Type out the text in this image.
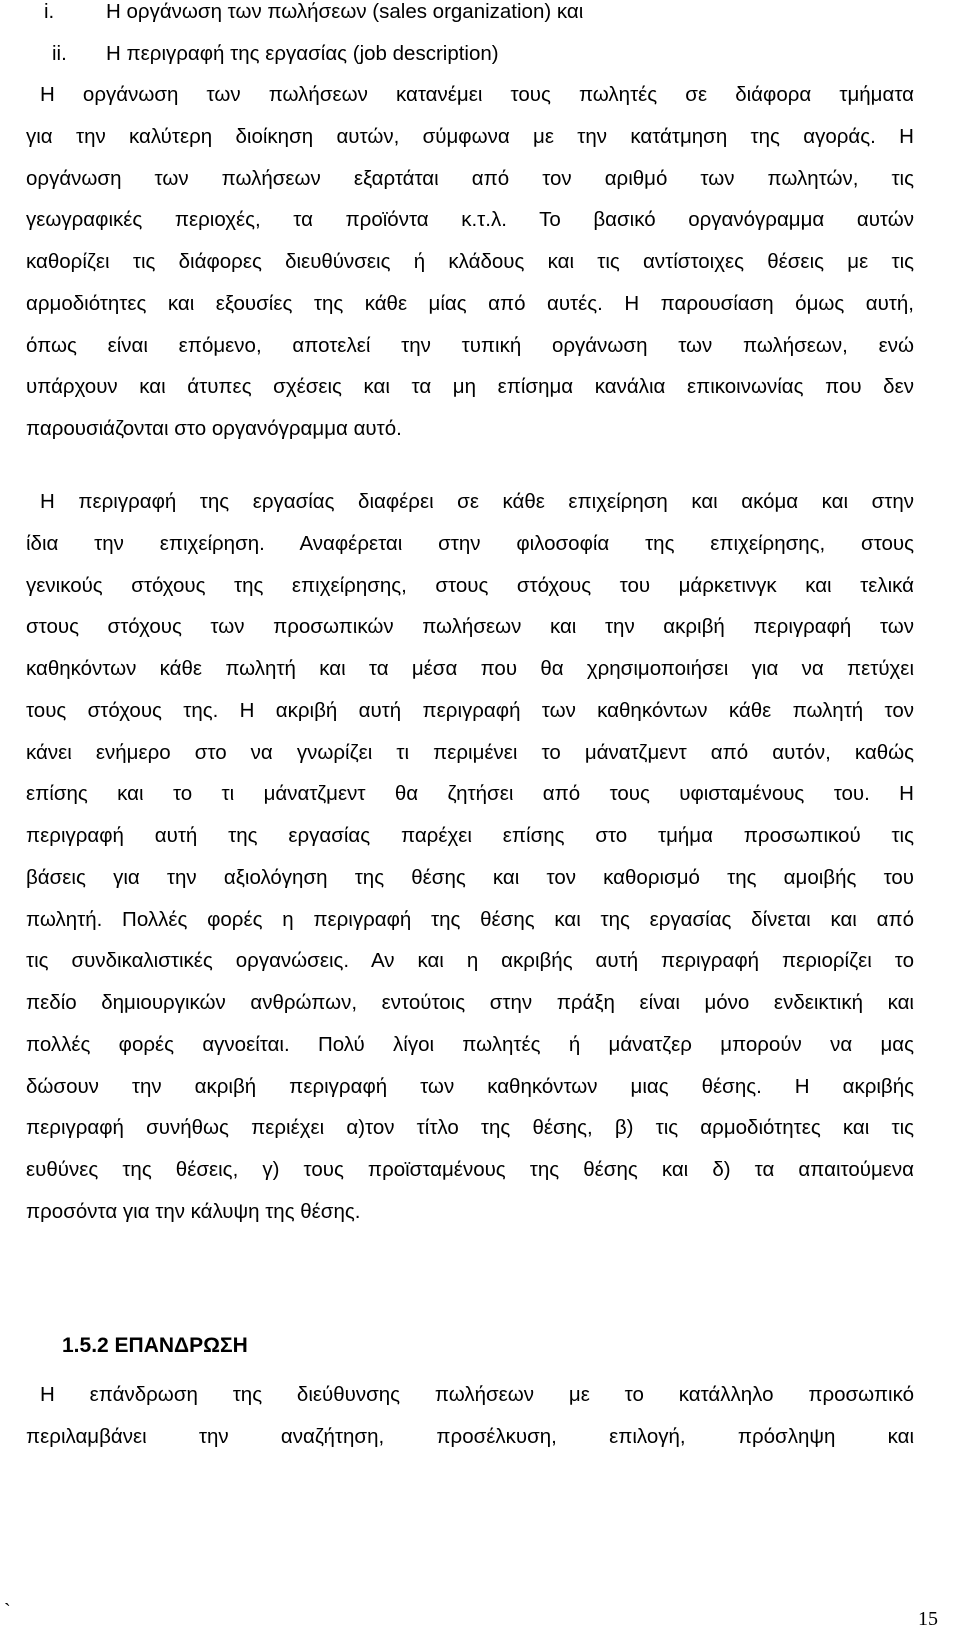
i.	Η οργάνωση των πωλήσεων (sales organization) και
ii. Η περιγραφή της εργασίας (job description)

Η οργάνωση των πωλήσεων κατανέμει τους πωλητές σε διάφορα τμήματα
για την καλύτερη διοίκηση αυτών, σύμφωνα με την κατάτμηση της αγοράς. Η
οργάνωση των πωλήσεων εξαρτάται από τον αριθμό των πωλητών, τις
γεωγραφικές περιοχές, τα προϊόντα κ.τ.λ. Το βασικό οργανόγραμμα αυτών
καθορίζει τις διάφορες διευθύνσεις ή κλάδους και τις αντίστοιχες θέσεις με τις
αρμοδιότητες και εξουσίες της κάθε μίας από αυτές. Η παρουσίαση όμως αυτή,
όπως είναι επόμενο, αποτελεί την τυπική οργάνωση των πωλήσεων, ενώ
υπάρχουν και άτυπες σχέσεις και τα μη επίσημα κανάλια επικοινωνίας που δεν
παρουσιάζονται στο οργανόγραμμα αυτό.

Η περιγραφή της εργασίας διαφέρει σε κάθε επιχείρηση και ακόμα και στην
ίδια την επιχείρηση. Αναφέρεται στην φιλοσοφία της επιχείρησης, στους
γενικούς στόχους της επιχείρησης, στους στόχους του μάρκετινγκ και τελικά
στους στόχους των προσωπικών πωλήσεων και την ακριβή περιγραφή των
καθηκόντων κάθε πωλητή και τα μέσα που θα χρησιμοποιήσει για να πετύχει
τους στόχους της. Η ακριβή αυτή περιγραφή των καθηκόντων κάθε πωλητή τον
κάνει ενήμερο στο να γνωρίζει τι περιμένει το μάνατζμεντ από αυτόν, καθώς
επίσης και το τι μάνατζμεντ θα ζητήσει από τους υφισταμένους του. Η
περιγραφή αυτή της εργασίας παρέχει επίσης στο τμήμα προσωπικού τις
βάσεις για την αξιολόγηση της θέσης και τον καθορισμό της αμοιβής του
πωλητή. Πολλές φορές η περιγραφή της θέσης και της εργασίας δίνεται και από
τις συνδικαλιστικές οργανώσεις. Αν και η ακριβής αυτή περιγραφή περιορίζει το
πεδίο δημιουργικών ανθρώπων, εντούτοις στην πράξη είναι μόνο ενδεικτική και
πολλές φορές αγνοείται. Πολύ λίγοι πωλητές ή μάνατζερ μπορούν να μας
δώσουν την ακριβή περιγραφή των καθηκόντων μιας θέσης. Η ακριβής
περιγραφή συνήθως περιέχει α)τον τίτλο της θέσης, β) τις αρμοδιότητες και τις
ευθύνες της θέσεις, γ) τους προϊσταμένους της θέσης και δ) τα απαιτούμενα
προσόντα για την κάλυψη της θέσης.

1.5.2 ΕΠΑΝΔΡΩΣΗ

Η επάνδρωση της διεύθυνσης πωλήσεων με το κατάλληλο προσωπικό
περιλαμβάνει την αναζήτηση, προσέλκυση, επιλογή, πρόσληψη και

`	15
